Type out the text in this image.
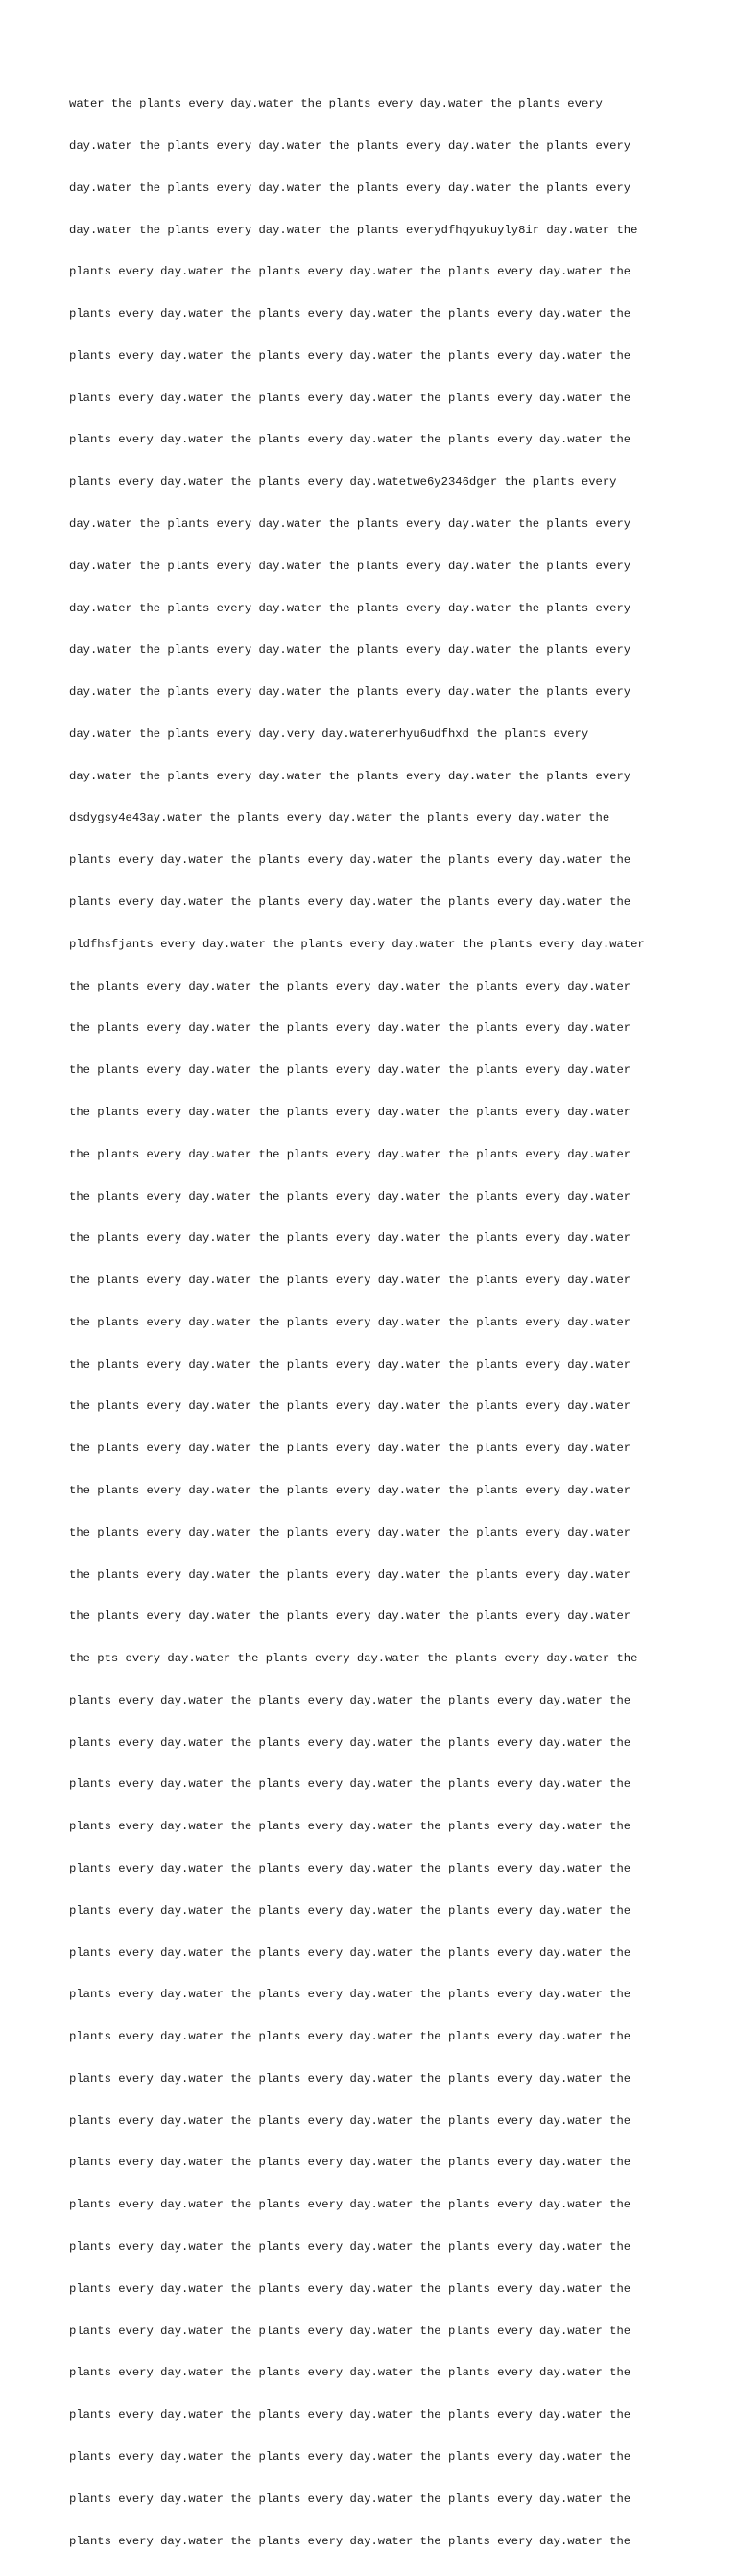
water the plants every day.water the plants every day.water the plants every

day.water the plants every day.water the plants every day.water the plants every

day.water the plants every day.water the plants every day.water the plants every

day.water the plants every day.water the plants everydfhqyukuyly8ir day.water the

plants every day.water the plants every day.water the plants every day.water the

plants every day.water the plants every day.water the plants every day.water the

plants every day.water the plants every day.water the plants every day.water the

plants every day.water the plants every day.water the plants every day.water the

plants every day.water the plants every day.water the plants every day.water the

plants every day.water the plants every day.watetwe6y2346dger the plants every

day.water the plants every day.water the plants every day.water the plants every

day.water the plants every day.water the plants every day.water the plants every

day.water the plants every day.water the plants every day.water the plants every

day.water the plants every day.water the plants every day.water the plants every

day.water the plants every day.water the plants every day.water the plants every

day.water the plants every day.very day.watererhyu6udfhxd the plants every

day.water the plants every day.water the plants every day.water the plants every

dsdygsy4e43ay.water the plants every day.water the plants every day.water the

plants every day.water the plants every day.water the plants every day.water the

plants every day.water the plants every day.water the plants every day.water the

pldfhsfjants every day.water the plants every day.water the plants every day.water

the plants every day.water the plants every day.water the plants every day.water

the plants every day.water the plants every day.water the plants every day.water

the plants every day.water the plants every day.water the plants every day.water

the plants every day.water the plants every day.water the plants every day.water

the plants every day.water the plants every day.water the plants every day.water

the plants every day.water the plants every day.water the plants every day.water

the plants every day.water the plants every day.water the plants every day.water

the plants every day.water the plants every day.water the plants every day.water

the plants every day.water the plants every day.water the plants every day.water

the plants every day.water the plants every day.water the plants every day.water

the plants every day.water the plants every day.water the plants every day.water

the plants every day.water the plants every day.water the plants every day.water

the plants every day.water the plants every day.water the plants every day.water

the plants every day.water the plants every day.water the plants every day.water

the plants every day.water the plants every day.water the plants every day.water

the plants every day.water the plants every day.water the plants every day.water

the pts every day.water the plants every day.water the plants every day.water the

plants every day.water the plants every day.water the plants every day.water the

plants every day.water the plants every day.water the plants every day.water the

plants every day.water the plants every day.water the plants every day.water the

plants every day.water the plants every day.water the plants every day.water the

plants every day.water the plants every day.water the plants every day.water the

plants every day.water the plants every day.water the plants every day.water the

plants every day.water the plants every day.water the plants every day.water the

plants every day.water the plants every day.water the plants every day.water the

plants every day.water the plants every day.water the plants every day.water the

plants every day.water the plants every day.water the plants every day.water the

plants every day.water the plants every day.water the plants every day.water the

plants every day.water the plants every day.water the plants every day.water the

plants every day.water the plants every day.water the plants every day.water the

plants every day.water the plants every day.water the plants every day.water the

plants every day.water the plants every day.water the plants every day.water the

plants every day.water the plants every day.water the plants every day.water the

plants every day.water the plants every day.water the plants every day.water the

plants every day.water the plants every day.water the plants every day.water the

plants every day.water the plants every day.water the plants every day.water the

plants every day.water the plants every day.water the plants every day.water the

plants every day.water the plants every day.water the plants every day.water the
